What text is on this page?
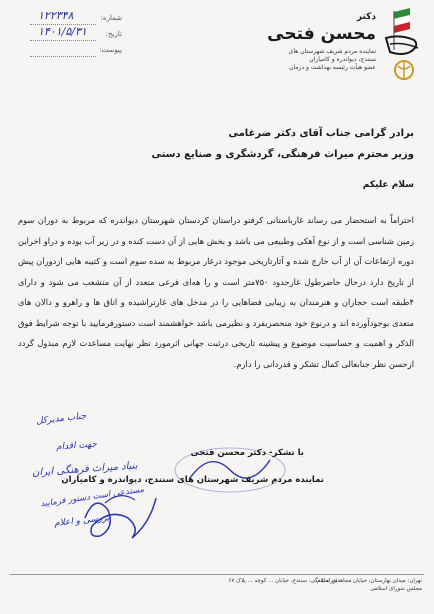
دکتر
محسن فتحی
نماینده مردم شریف شهرستان های
سنندج، دیواندره و کامیاران
عضو هیأت رئیسه بهداشت و درمان
شماره:
۱۲۲۳۴۸
تاریخ:
۱۴۰۱/۵/۳۱
پیوست:
برادر گرامی جناب آقای دکتر ضرغامی
وزیر محترم میراث فرهنگی، گردشگری و صنایع دستی
سلام علیکم
احتراماً به استحضار می رساند غارباستانی کرفتو دراستان کردستان شهرستان دیواندره که مربوط به دوران سوم زمین شناسی است و از نوع آهکی وطبیعی می باشد و بخش هایی از آن دست کنده و در زیر آب بوده و دراو اخراین دوره ارتفاعات آن از آب خارج شده و آثارتاریخی موجود درغار مربوط به سده سوم است و کتیبه هایی ازدوران پیش از تاریخ دارد درحال حاضرطول غارحدود ۷۵۰متر است و را هه‌ای فرعی متعدد از آن منشعب می شود و دارای ۴طبقه است حجاران و هنرمندان به زیبایی فضاهایی را در مدخل های غارتراشیده و اتاق ها و راهرو و دالان های متعدی بوجودآورده اند و درنوع خود منحصربفرد و نظیرمی باشد خواهشمند است دستورفرمایید با توجه شرایط فوق الذکر و اهمیت و حساسیت موضوع و پیشینه تاریخی درثبت جهانی اثرمورد نظر نهایت مساعدت لازم مبذول گردد ازحسن نظر جنابعالی کمال تشکر و قدردانی را دارم.
با تشکر- دکتر محسن فتحی
نماینده مردم شریف شهرستان های سنندج، دیواندره و کامیاران
جناب مدیرکل
جهت اقدام
بنیاد میراث فرهنگی ایران
مستدعی است دستور فرمایید
بررسی و اعلام
تهران: میدان بهارستان، خیابان مجاهدین اسلام، مجلس شورای اسلامی
دفترنمایندگی: سنندج، خیابان ... کوچه ... پلاک ۶۷
